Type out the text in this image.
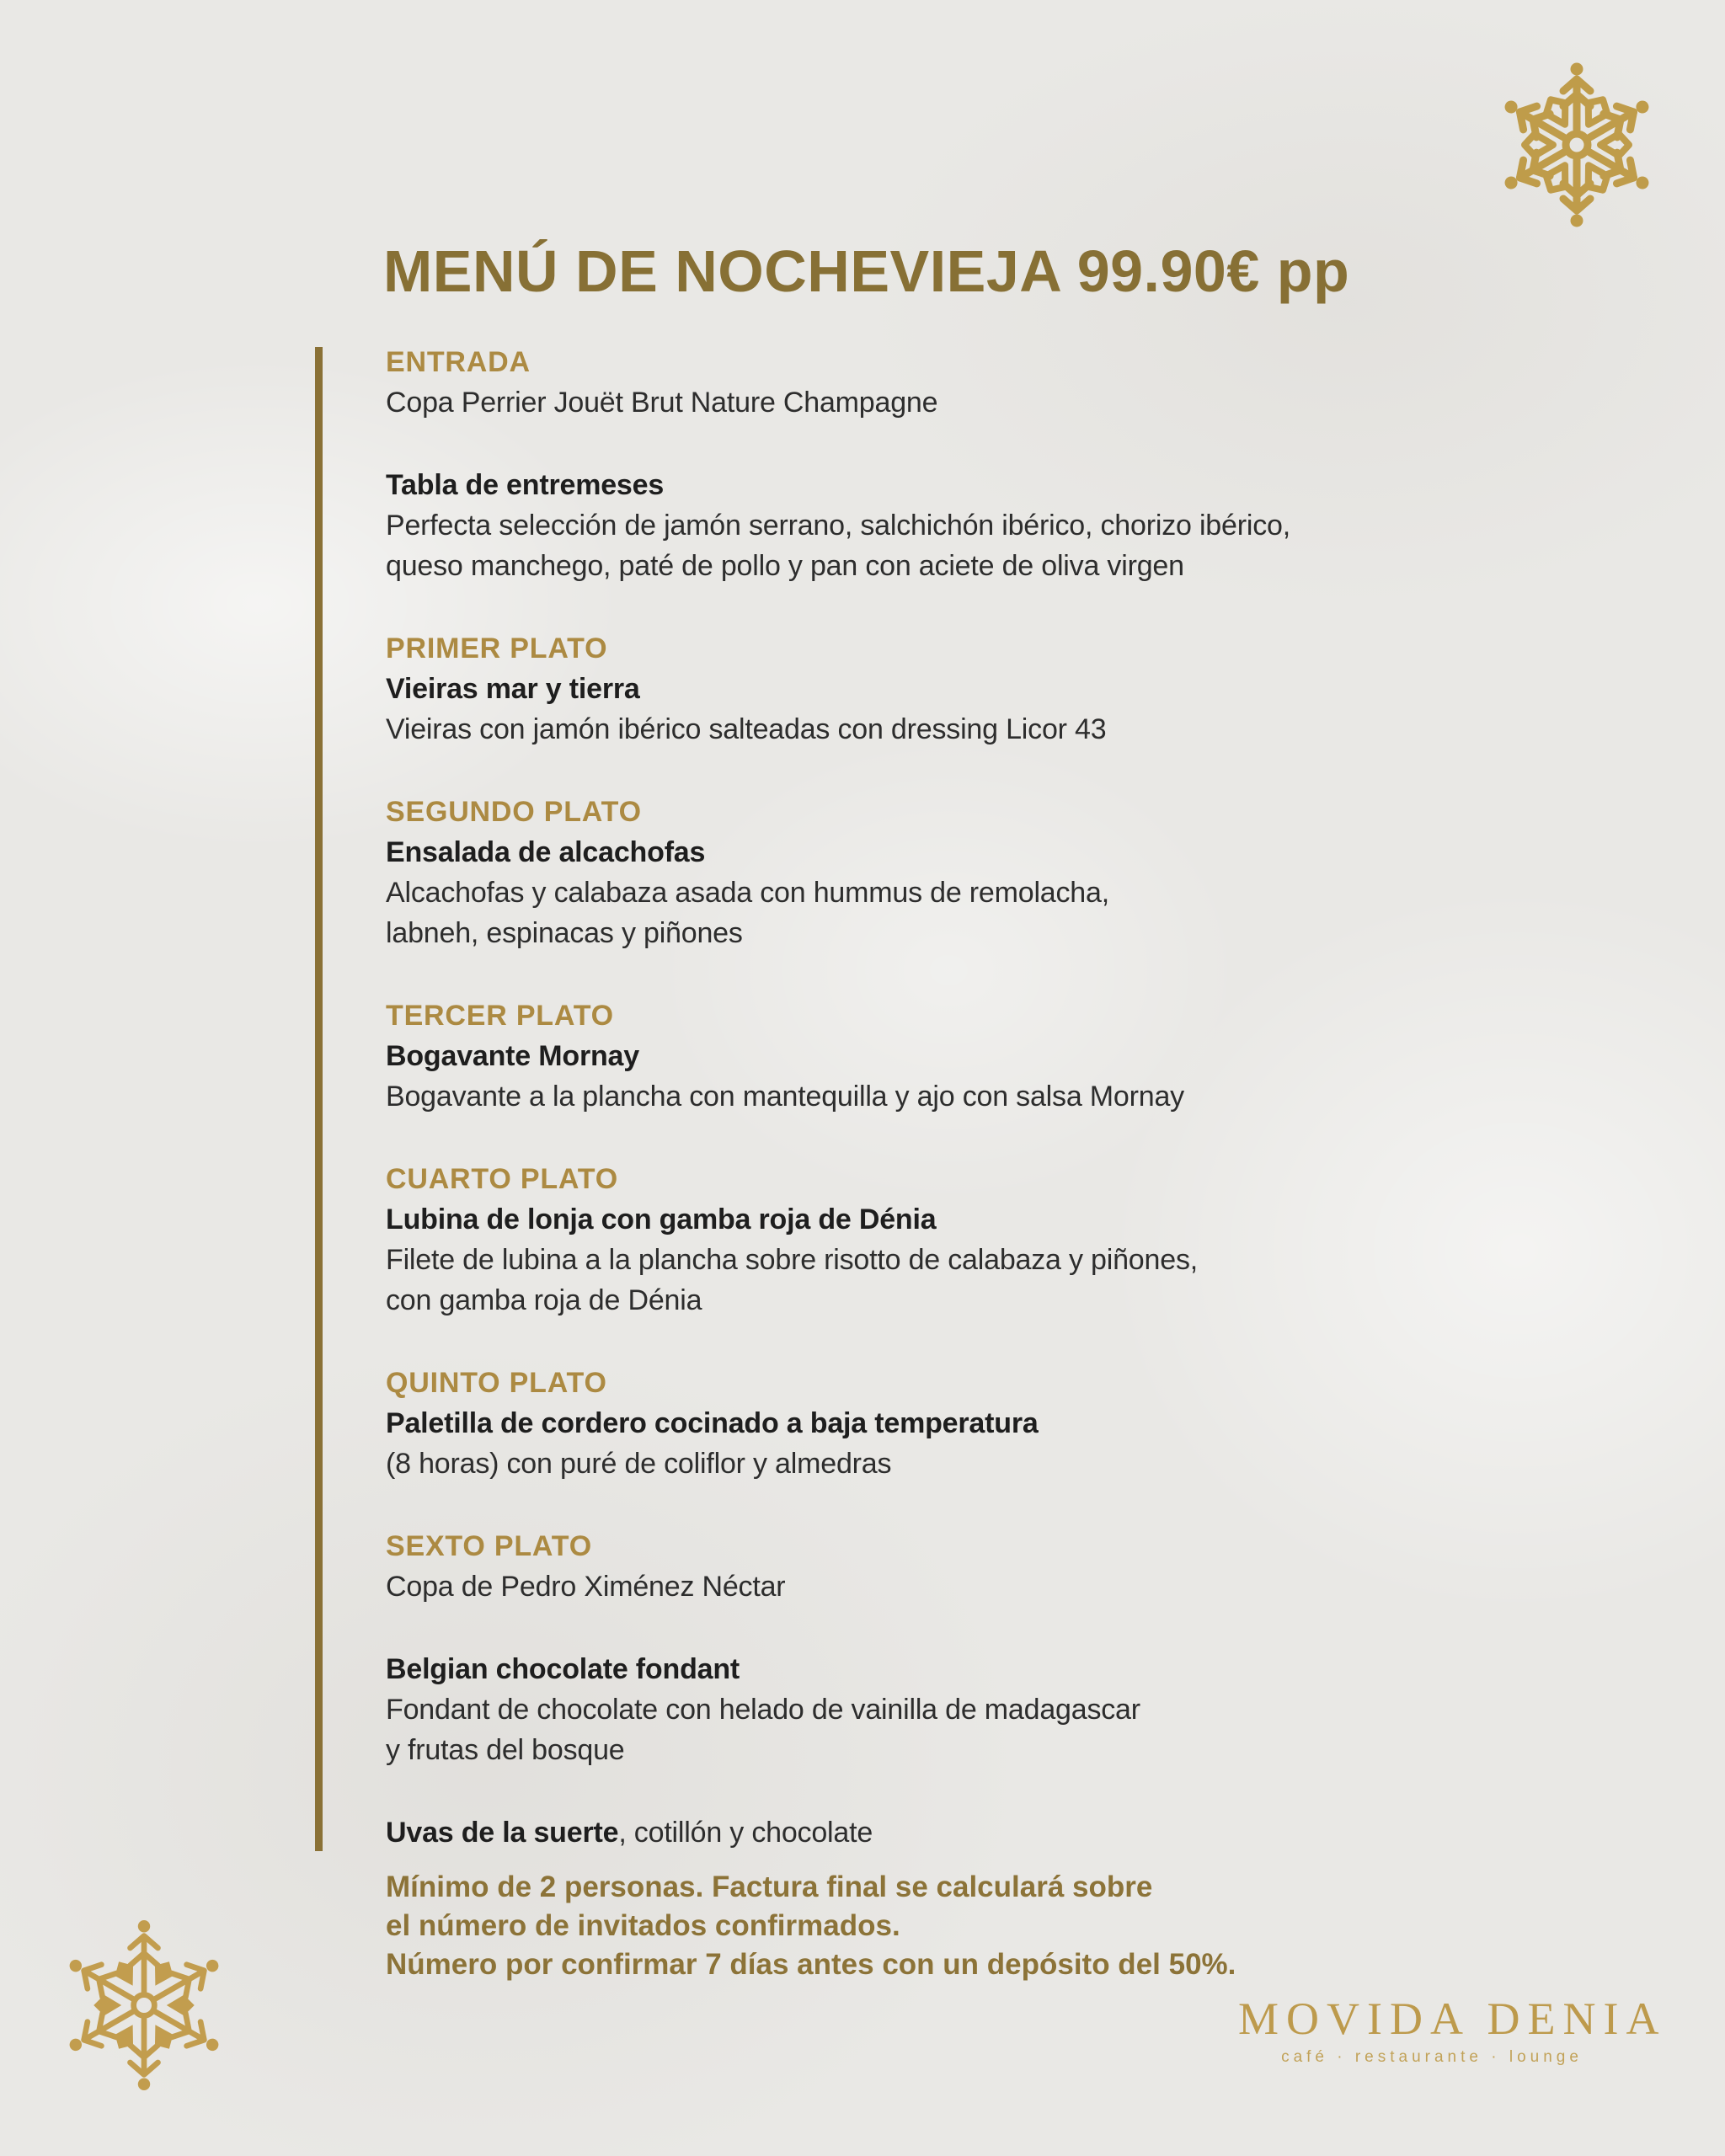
MENÚ DE NOCHEVIEJA 99.90€ pp

ENTRADA

Copa Perrier Jouët Brut Nature Champagne

Tabla de entremeses

Perfecta selección de jamón serrano, salchichón ibérico, chorizo ibérico,

queso manchego, paté de pollo y pan con aciete de oliva virgen

PRIMER PLATO

Vieiras mar y tierra

Vieiras con jamón ibérico salteadas con dressing Licor 43

SEGUNDO PLATO

Ensalada de alcachofas

Alcachofas y calabaza asada con hummus de remolacha,

labneh, espinacas y piñones

TERCER PLATO

Bogavante Mornay

Bogavante a la plancha con mantequilla y ajo con salsa Mornay

CUARTO PLATO

Lubina de lonja con gamba roja de Dénia

Filete de lubina a la plancha sobre risotto de calabaza y piñones,

con gamba roja de Dénia

QUINTO PLATO

Paletilla de cordero cocinado a baja temperatura

(8 horas) con puré de coliflor y almedras

SEXTO PLATO

Copa de Pedro Ximénez Néctar

Belgian chocolate fondant

Fondant de chocolate con helado de vainilla de madagascar

y frutas del bosque

Uvas de la suerte, cotillón y chocolate

Mínimo de 2 personas. Factura final se calculará sobre

el número de invitados confirmados.

Número por confirmar 7 días antes con un depósito del 50%.

MOVIDA DENIA
café · restaurante · lounge
